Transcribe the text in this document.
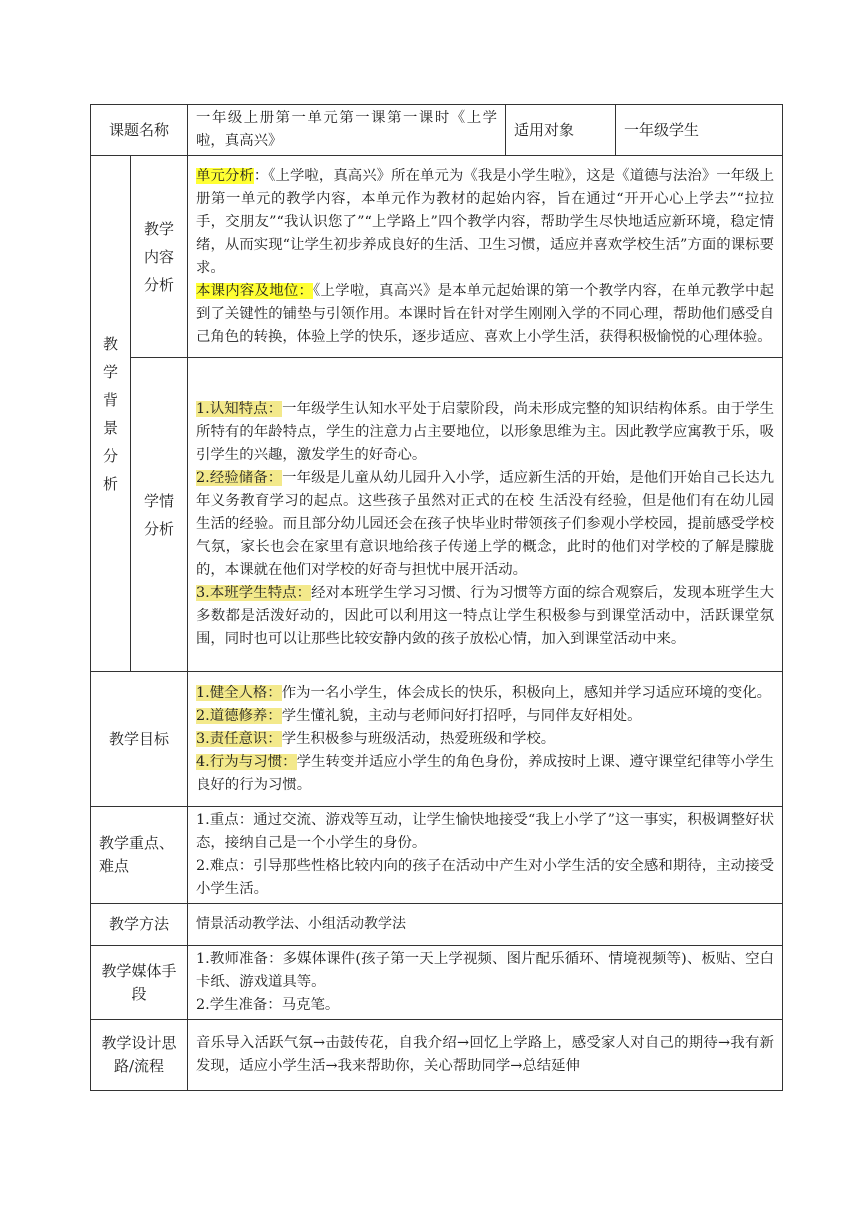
课题名称		一年级上册第一单元第一课第一课时《上学啦，真高兴》	适用对象	一年级学生
教学背景分析	教学内容分析	单元分析：《上学啦，真高兴》所在单元为《我是小学生啦》，这是《道德与法治》一年级上册第一单元的教学内容，本单元作为教材的起始内容，旨在通过“开开心心上学去”“拉拉手，交朋友”“我认识您了”“上学路上”四个教学内容，帮助学生尽快地适应新环境，稳定情绪，从而实现“让学生初步养成良好的生活、卫生习惯，适应并喜欢学校生活”方面的课标要求。

本课内容及地位：《上学啦，真高兴》是本单元起始课的第一个教学内容，在单元教学中起到了关键性的铺垫与引领作用。本课时旨在针对学生刚刚入学的不同心理，帮助他们感受自己角色的转换，体验上学的快乐，逐步适应、喜欢上小学生活，获得积极愉悦的心理体验。		

	学情分析	1.认知特点：一年级学生认知水平处于启蒙阶段，尚未形成完整的知识结构体系。由于学生所特有的年龄特点，学生的注意力占主要地位，以形象思维为主。因此教学应寓教于乐，吸引学生的兴趣，激发学生的好奇心。

2.经验储备：一年级是儿童从幼儿园升入小学，适应新生活的开始，是他们开始自己长达九年义务教育学习的起点。这些孩子虽然对正式的在校 生活没有经验，但是他们有在幼儿园生活的经验。而且部分幼儿园还会在孩子快毕业时带领孩子们参观小学校园，提前感受学校气氛，家长也会在家里有意识地给孩子传递上学的概念，此时的他们对学校的了解是朦胧的，本课就在他们对学校的好奇与担忧中展开活动。

3.本班学生特点：经对本班学生学习习惯、行为习惯等方面的综合观察后，发现本班学生大多数都是活泼好动的，因此可以利用这一特点让学生积极参与到课堂活动中，活跃课堂氛围，同时也可以让那些比较安静内敛的孩子放松心情，加入到课堂活动中来。		

教学目标		1.健全人格：作为一名小学生，体会成长的快乐，积极向上，感知并学习适应环境的变化。

2.道德修养：学生懂礼貌，主动与老师问好打招呼，与同伴友好相处。

3.责任意识：学生积极参与班级活动，热爱班级和学校。

4.行为与习惯：学生转变并适应小学生的角色身份，养成按时上课、遵守课堂纪律等小学生良好的行为习惯。		

教学重点、难点		1.重点：通过交流、游戏等互动，让学生愉快地接受“我上小学了”这一事实，积极调整好状态，接纳自己是一个小学生的身份。

2.难点：引导那些性格比较内向的孩子在活动中产生对小学生活的安全感和期待，主动接受小学生活。		

教学方法		情景活动教学法、小组活动教学法		
教学媒体手段		1.教师准备：多媒体课件(孩子第一天上学视频、图片配乐循环、情境视频等)、板贴、空白卡纸、游戏道具等。

2.学生准备：马克笔。		

教学设计思路/流程		音乐导入活跃气氛→击鼓传花，自我介绍→回忆上学路上，感受家人对自己的期待→我有新发现，适应小学生活→我来帮助你，关心帮助同学→总结延伸		
